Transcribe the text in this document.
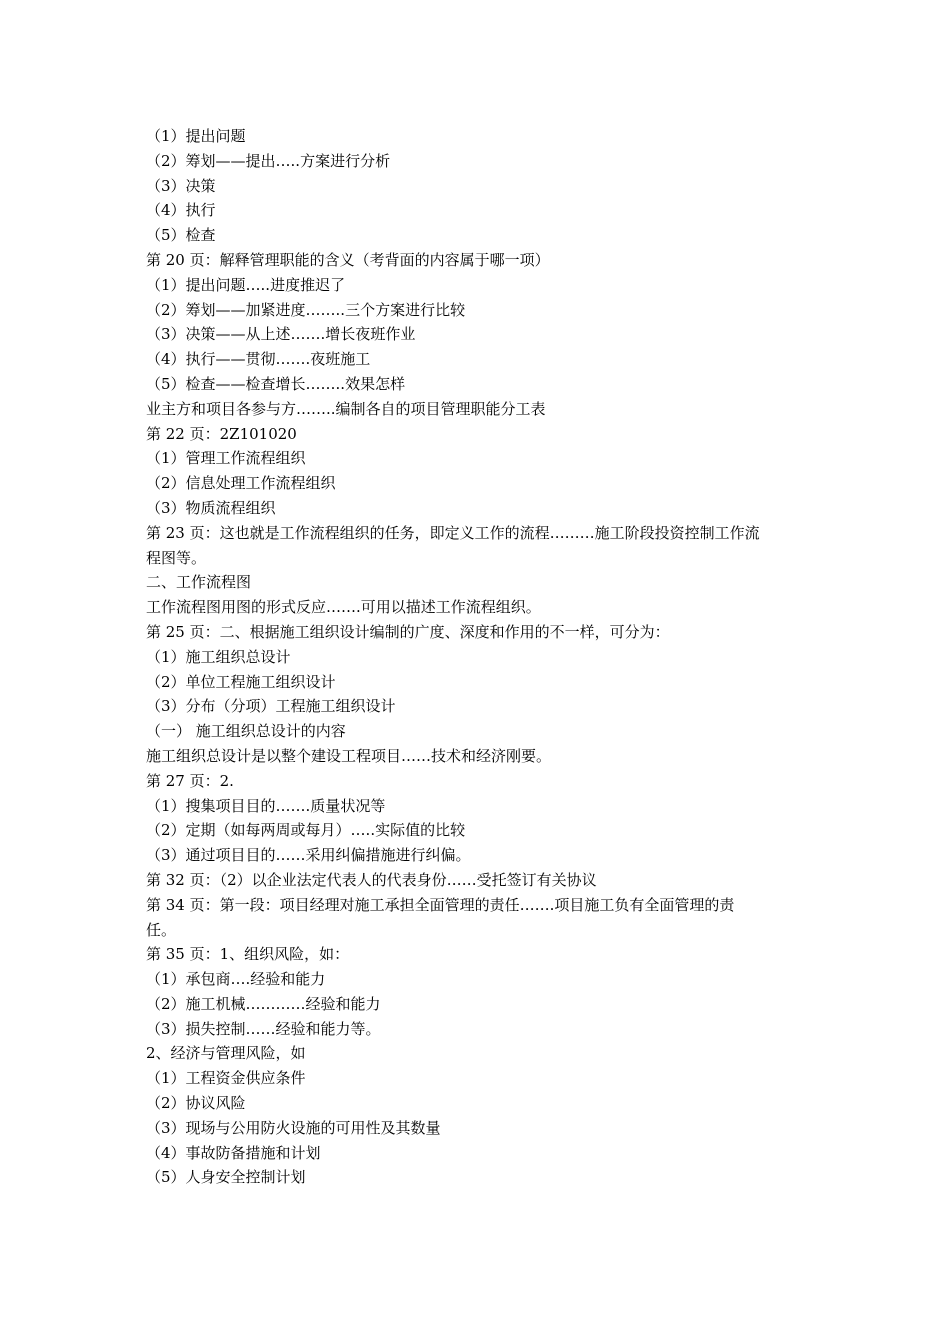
（1）提出问题
（2）筹划——提出…..方案进行分析
（3）决策
（4）执行
（5）检查
第 20 页：解释管理职能的含义（考背面的内容属于哪一项）
（1）提出问题…..进度推迟了
（2）筹划——加紧进度……..三个方案进行比较
（3）决策——从上述…….增长夜班作业
（4）执行——贯彻…….夜班施工
（5）检查——检查增长……..效果怎样
业主方和项目各参与方……..编制各自的项目管理职能分工表
第 22 页：2Z101020
（1）管理工作流程组织
（2）信息处理工作流程组织
（3）物质流程组织
第 23 页：这也就是工作流程组织的任务，即定义工作的流程………施工阶段投资控制工作流
程图等。
二、工作流程图
工作流程图用图的形式反应…….可用以描述工作流程组织。
第 25 页：二、根据施工组织设计编制的广度、深度和作用的不一样，可分为：
（1）施工组织总设计
（2）单位工程施工组织设计
（3）分布（分项）工程施工组织设计
（一） 施工组织总设计的内容
施工组织总设计是以整个建设工程项目……技术和经济刚要。
第 27 页：2.
（1）搜集项目目的…….质量状况等
（2）定期（如每两周或每月）…..实际值的比较
（3）通过项目目的……采用纠偏措施进行纠偏。
第 32 页：（2）以企业法定代表人的代表身份……受托签订有关协议
第 34 页：第一段：项目经理对施工承担全面管理的责任…….项目施工负有全面管理的责
任。
第 35 页：1、组织风险，如：
（1）承包商….经验和能力
（2）施工机械…………经验和能力
（3）损失控制……经验和能力等。
2、经济与管理风险，如
（1）工程资金供应条件
（2）协议风险
（3）现场与公用防火设施的可用性及其数量
（4）事故防备措施和计划
（5）人身安全控制计划
